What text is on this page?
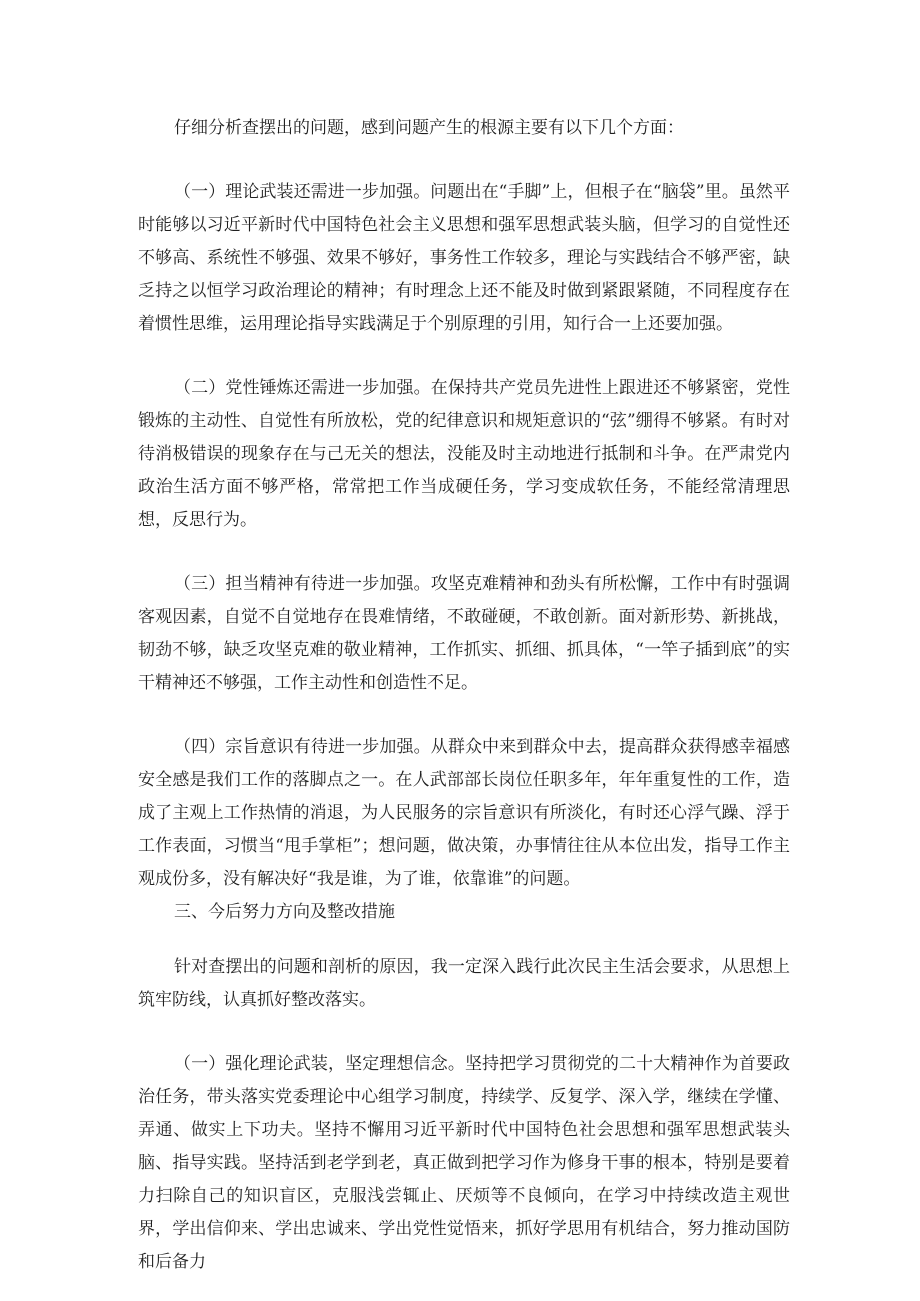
仔细分析查摆出的问题，感到问题产生的根源主要有以下几个方面：

（一）理论武装还需进一步加强。问题出在“手脚”上，但根子在“脑袋”里。虽然平时能够以习近平新时代中国特色社会主义思想和强军思想武装头脑，但学习的自觉性还不够高、系统性不够强、效果不够好，事务性工作较多，理论与实践结合不够严密，缺乏持之以恒学习政治理论的精神；有时理念上还不能及时做到紧跟紧随，不同程度存在着惯性思维，运用理论指导实践满足于个别原理的引用，知行合一上还要加强。

（二）党性锤炼还需进一步加强。在保持共产党员先进性上跟进还不够紧密，党性锻炼的主动性、自觉性有所放松，党的纪律意识和规矩意识的“弦”绷得不够紧。有时对待消极错误的现象存在与己无关的想法，没能及时主动地进行抵制和斗争。在严肃党内政治生活方面不够严格，常常把工作当成硬任务，学习变成软任务，不能经常清理思想，反思行为。

（三）担当精神有待进一步加强。攻坚克难精神和劲头有所松懈，工作中有时强调客观因素，自觉不自觉地存在畏难情绪，不敢碰硬，不敢创新。面对新形势、新挑战，韧劲不够，缺乏攻坚克难的敬业精神，工作抓实、抓细、抓具体，“一竿子插到底”的实干精神还不够强，工作主动性和创造性不足。

（四）宗旨意识有待进一步加强。从群众中来到群众中去，提高群众获得感幸福感安全感是我们工作的落脚点之一。在人武部部长岗位任职多年，年年重复性的工作，造成了主观上工作热情的消退，为人民服务的宗旨意识有所淡化，有时还心浮气躁、浮于工作表面，习惯当“甩手掌柜”；想问题，做决策，办事情往往从本位出发，指导工作主观成份多，没有解决好“我是谁，为了谁，依靠谁”的问题。

三、今后努力方向及整改措施

针对查摆出的问题和剖析的原因，我一定深入践行此次民主生活会要求，从思想上筑牢防线，认真抓好整改落实。

（一）强化理论武装，坚定理想信念。坚持把学习贯彻党的二十大精神作为首要政治任务，带头落实党委理论中心组学习制度，持续学、反复学、深入学，继续在学懂、弄通、做实上下功夫。坚持不懈用习近平新时代中国特色社会思想和强军思想武装头脑、指导实践。坚持活到老学到老，真正做到把学习作为修身干事的根本，特别是要着力扫除自己的知识盲区，克服浅尝辄止、厌烦等不良倾向，在学习中持续改造主观世界，学出信仰来、学出忠诚来、学出党性觉悟来，抓好学思用有机结合，努力推动国防和后备力
